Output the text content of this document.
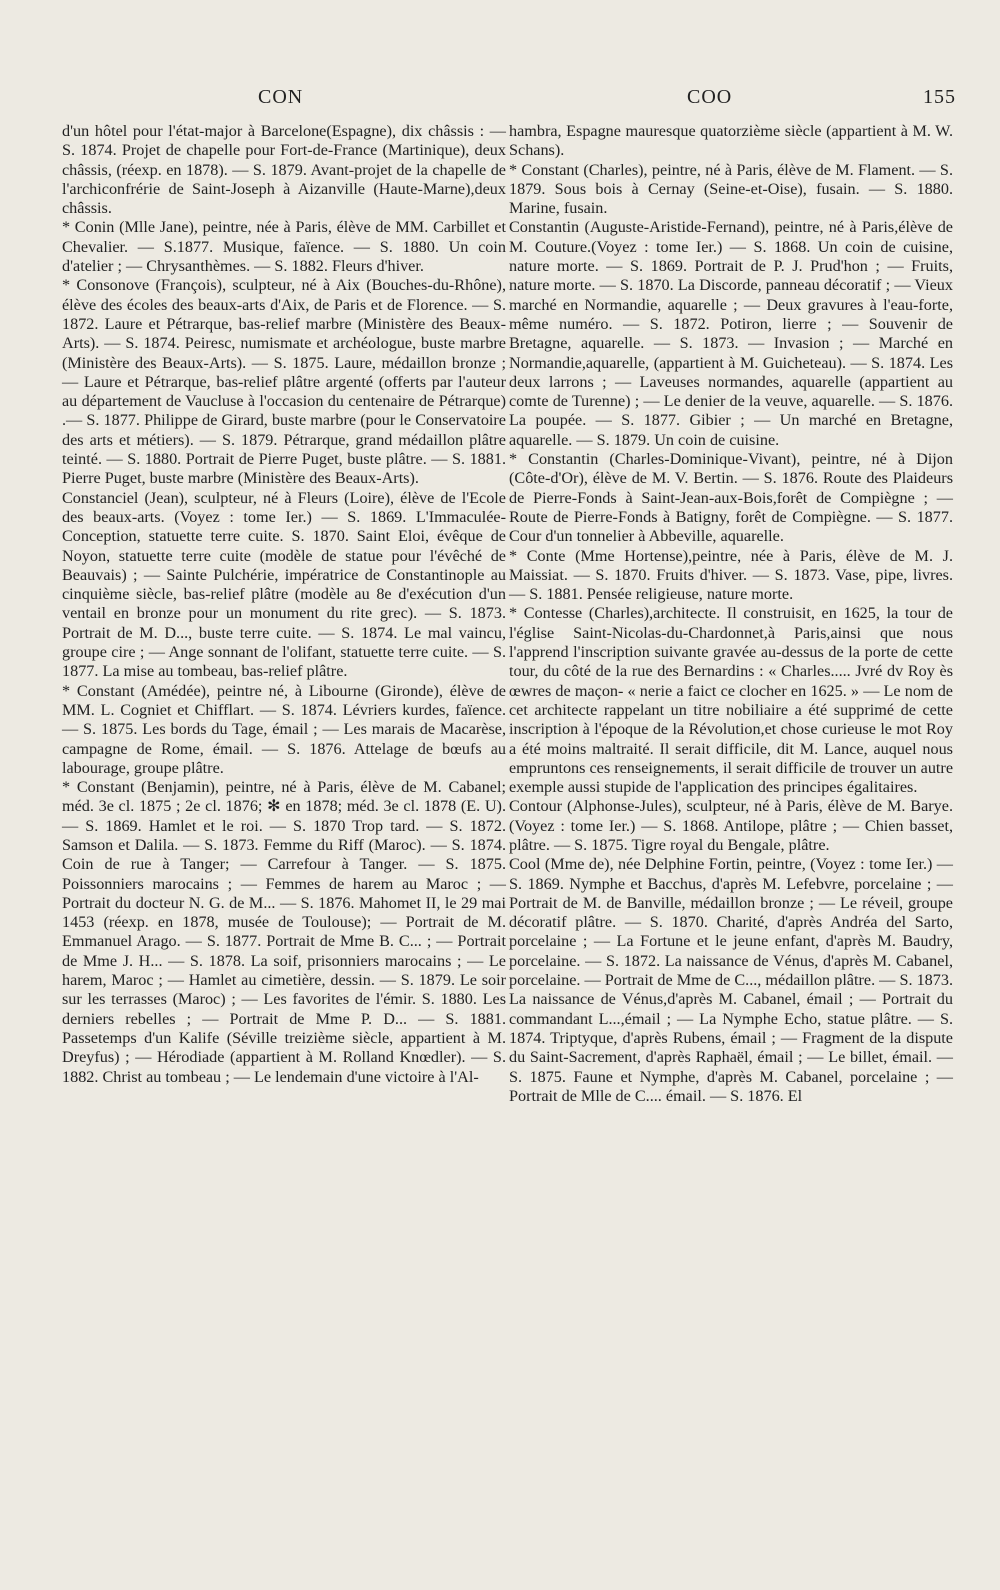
CON	COO	155

d'un hôtel pour l'état-major à Barcelone(Espagne), dix châssis : — S. 1874. Projet de chapelle pour Fort-de-France (Martinique), deux châssis, (réexp. en 1878). — S. 1879. Avant-projet de la chapelle de l'archiconfrérie de Saint-Joseph à Aizanville (Haute-Marne),deux châssis.

* Conin (Mlle Jane), peintre, née à Paris, élève de MM. Carbillet et Chevalier. — S.1877. Musique, faïence. — S. 1880. Un coin d'atelier ; — Chrysanthèmes. — S. 1882. Fleurs d'hiver.

* Consonove (François), sculpteur, né à Aix (Bouches-du-Rhône), élève des écoles des beaux-arts d'Aix, de Paris et de Florence. — S. 1872. Laure et Pétrarque, bas-relief marbre (Ministère des Beaux-Arts). — S. 1874. Peiresc, numismate et archéologue, buste marbre (Ministère des Beaux-Arts). — S. 1875. Laure, médaillon bronze ; — Laure et Pétrarque, bas-relief plâtre argenté (offerts par l'auteur au département de Vaucluse à l'occasion du centenaire de Pétrarque) .— S. 1877. Philippe de Girard, buste marbre (pour le Conservatoire des arts et métiers). — S. 1879. Pétrarque, grand médaillon plâtre teinté. — S. 1880. Portrait de Pierre Puget, buste plâtre. — S. 1881. Pierre Puget, buste marbre (Ministère des Beaux-Arts).

Constanciel (Jean), sculpteur, né à Fleurs (Loire), élève de l'Ecole des beaux-arts. (Voyez : tome Ier.) — S. 1869. L'Immaculée-Conception, statuette terre cuite. S. 1870. Saint Eloi, évêque de Noyon, statuette terre cuite (modèle de statue pour l'évêché de Beauvais) ; — Sainte Pulchérie, impératrice de Constantinople au cinquième siècle, bas-relief plâtre (modèle au 8e d'exécution d'un ventail en bronze pour un monument du rite grec). — S. 1873. Portrait de M. D..., buste terre cuite. — S. 1874. Le mal vaincu, groupe cire ; — Ange sonnant de l'olifant, statuette terre cuite. — S. 1877. La mise au tombeau, bas-relief plâtre.

* Constant (Amédée), peintre né, à Libourne (Gironde), élève de MM. L. Cogniet et Chifflart. — S. 1874. Lévriers kurdes, faïence. — S. 1875. Les bords du Tage, émail ; — Les marais de Macarèse, campagne de Rome, émail. — S. 1876. Attelage de bœufs au labourage, groupe plâtre.

* Constant (Benjamin), peintre, né à Paris, élève de M. Cabanel; méd. 3e cl. 1875 ; 2e cl. 1876; ✻ en 1878; méd. 3e cl. 1878 (E. U). — S. 1869. Hamlet et le roi. — S. 1870 Trop tard. — S. 1872. Samson et Dalila. — S. 1873. Femme du Riff (Maroc). — S. 1874. Coin de rue à Tanger; — Carrefour à Tanger. — S. 1875. Poissonniers marocains ; — Femmes de harem au Maroc ; — Portrait du docteur N. G. de M... — S. 1876. Mahomet II, le 29 mai 1453 (réexp. en 1878, musée de Toulouse); — Portrait de M. Emmanuel Arago. — S. 1877. Portrait de Mme B. C... ; — Portrait de Mme J. H... — S. 1878. La soif, prisonniers marocains ; — Le harem, Maroc ; — Hamlet au cimetière, dessin. — S. 1879. Le soir sur les terrasses (Maroc) ; — Les favorites de l'émir. S. 1880. Les derniers rebelles ; — Portrait de Mme P. D... — S. 1881. Passetemps d'un Kalife (Séville treizième siècle, appartient à M. Dreyfus) ; — Hérodiade (appartient à M. Rolland Knœdler). — S. 1882. Christ au tombeau ; — Le lendemain d'une victoire à l'Al-

hambra, Espagne mauresque quatorzième siècle (appartient à M. W. Schans).

* Constant (Charles), peintre, né à Paris, élève de M. Flament. — S. 1879. Sous bois à Cernay (Seine-et-Oise), fusain. — S. 1880. Marine, fusain.

Constantin (Auguste-Aristide-Fernand), peintre, né à Paris,élève de M. Couture.(Voyez : tome Ier.) — S. 1868. Un coin de cuisine, nature morte. — S. 1869. Portrait de P. J. Prud'hon ; — Fruits, nature morte. — S. 1870. La Discorde, panneau décoratif ; — Vieux marché en Normandie, aquarelle ; — Deux gravures à l'eau-forte, même numéro. — S. 1872. Potiron, lierre ; — Souvenir de Bretagne, aquarelle. — S. 1873. — Invasion ; — Marché en Normandie,aquarelle, (appartient à M. Guicheteau). — S. 1874. Les deux larrons ; — Laveuses normandes, aquarelle (appartient au comte de Turenne) ; — Le denier de la veuve, aquarelle. — S. 1876. La poupée. — S. 1877. Gibier ; — Un marché en Bretagne, aquarelle. — S. 1879. Un coin de cuisine.

* Constantin (Charles-Dominique-Vivant), peintre, né à Dijon (Côte-d'Or), élève de M. V. Bertin. — S. 1876. Route des Plaideurs de Pierre-Fonds à Saint-Jean-aux-Bois,forêt de Compiègne ; — Route de Pierre-Fonds à Batigny, forêt de Compiègne. — S. 1877. Cour d'un tonnelier à Abbeville, aquarelle.

* Conte (Mme Hortense),peintre, née à Paris, élève de M. J. Maissiat. — S. 1870. Fruits d'hiver. — S. 1873. Vase, pipe, livres. — S. 1881. Pensée religieuse, nature morte.

* Contesse (Charles),architecte. Il construisit, en 1625, la tour de l'église Saint-Nicolas-du-Chardonnet,à Paris,ainsi que nous l'apprend l'inscription suivante gravée au-dessus de la porte de cette tour, du côté de la rue des Bernardins : « Charles..... Jvré dv Roy ès œwres de maçon- « nerie a faict ce clocher en 1625. » — Le nom de cet architecte rappelant un titre nobiliaire a été supprimé de cette inscription à l'époque de la Révolution,et chose curieuse le mot Roy a été moins maltraité. Il serait difficile, dit M. Lance, auquel nous empruntons ces renseignements, il serait difficile de trouver un autre exemple aussi stupide de l'application des principes égalitaires.

Contour (Alphonse-Jules), sculpteur, né à Paris, élève de M. Barye. (Voyez : tome Ier.) — S. 1868. Antilope, plâtre ; — Chien basset, plâtre. — S. 1875. Tigre royal du Bengale, plâtre.

Cool (Mme de), née Delphine Fortin, peintre, (Voyez : tome Ier.) — S. 1869. Nymphe et Bacchus, d'après M. Lefebvre, porcelaine ; — Portrait de M. de Banville, médaillon bronze ; — Le réveil, groupe décoratif plâtre. — S. 1870. Charité, d'après Andréa del Sarto, porcelaine ; — La Fortune et le jeune enfant, d'après M. Baudry, porcelaine. — S. 1872. La naissance de Vénus, d'après M. Cabanel, porcelaine. — Portrait de Mme de C..., médaillon plâtre. — S. 1873. La naissance de Vénus,d'après M. Cabanel, émail ; — Portrait du commandant L...,émail ; — La Nymphe Echo, statue plâtre. — S. 1874. Triptyque, d'après Rubens, émail ; — Fragment de la dispute du Saint-Sacrement, d'après Raphaël, émail ; — Le billet, émail. — S. 1875. Faune et Nymphe, d'après M. Cabanel, porcelaine ; — Portrait de Mlle de C.... émail. — S. 1876. El
